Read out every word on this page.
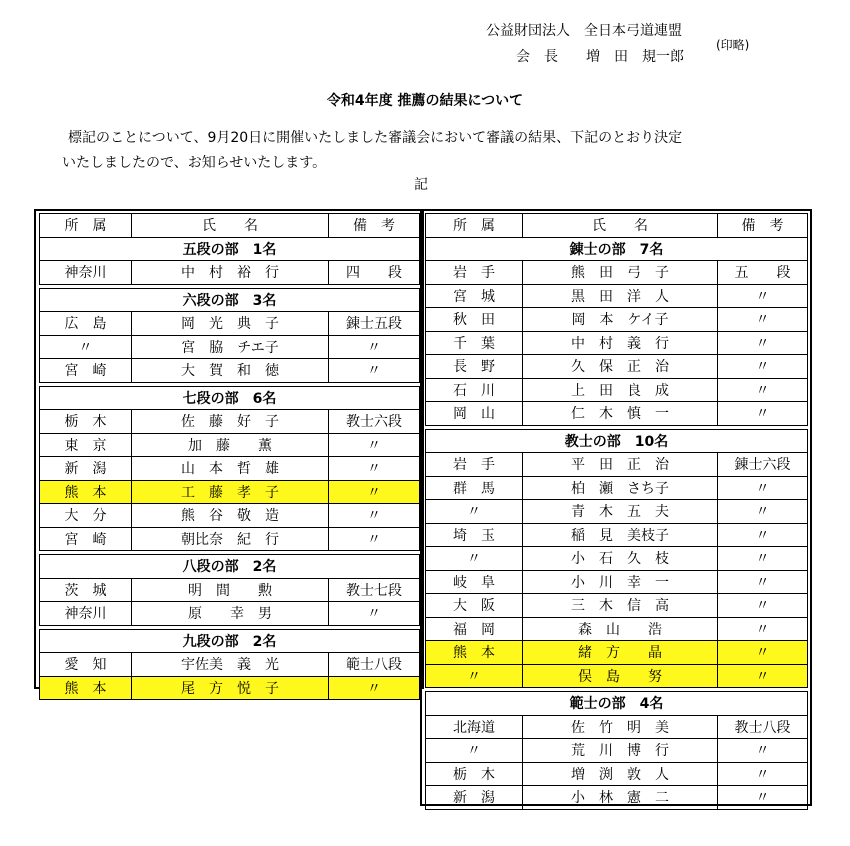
公益財団法人　全日本弓道連盟
会　長　　増　田　規一郎
(印略)
令和4年度 推薦の結果について
標記のことについて、9月20日に開催いたしました審議会において審議の結果、下記のとおり決定
いたしましたので、お知らせいたします。
記
所　属	氏　　名	備　考
五段の部　1名		
神奈川	中　村　裕　行	四　　段

六段の部　3名		
広　島	岡　光　典　子	錬士五段
〃	宮　脇　チエ子	〃
宮　崎	大　賀　和　徳	〃

七段の部　6名		
栃　木	佐　藤　好　子	教士六段
東　京	加　藤　　薫	〃
新　潟	山　本　哲　雄	〃
熊　本	工　藤　孝　子	〃
大　分	熊　谷　敬　造	〃
宮　崎	朝比奈　紀　行	〃

八段の部　2名		
茨　城	明　間　　勲	教士七段
神奈川	原　　幸　男	〃

九段の部　2名		
愛　知	宇佐美　義　光	範士八段
熊　本	尾　方　悦　子	〃
所　属	氏　　名	備　考
錬士の部　7名		
岩　手	熊　田　弓　子	五　　段
宮　城	黒　田　洋　人	〃
秋　田	岡　本　ケイ子	〃
千　葉	中　村　義　行	〃
長　野	久　保　正　治	〃
石　川	上　田　良　成	〃
岡　山	仁　木　慎　一	〃

教士の部　10名		
岩　手	平　田　正　治	錬士六段
群　馬	柏　瀬　さち子	〃
〃	青　木　五　夫	〃
埼　玉	稲　見　美枝子	〃
〃	小　石　久　枝	〃
岐　阜	小　川　幸　一	〃
大　阪	三　木　信　高	〃
福　岡	森　山　　浩	〃
熊　本	緒　方　　晶	〃
〃	俣　島　　努	〃

範士の部　4名		
北海道	佐　竹　明　美	教士八段
〃	荒　川　博　行	〃
栃　木	増　渕　敦　人	〃
新　潟	小　林　憲　二	〃
